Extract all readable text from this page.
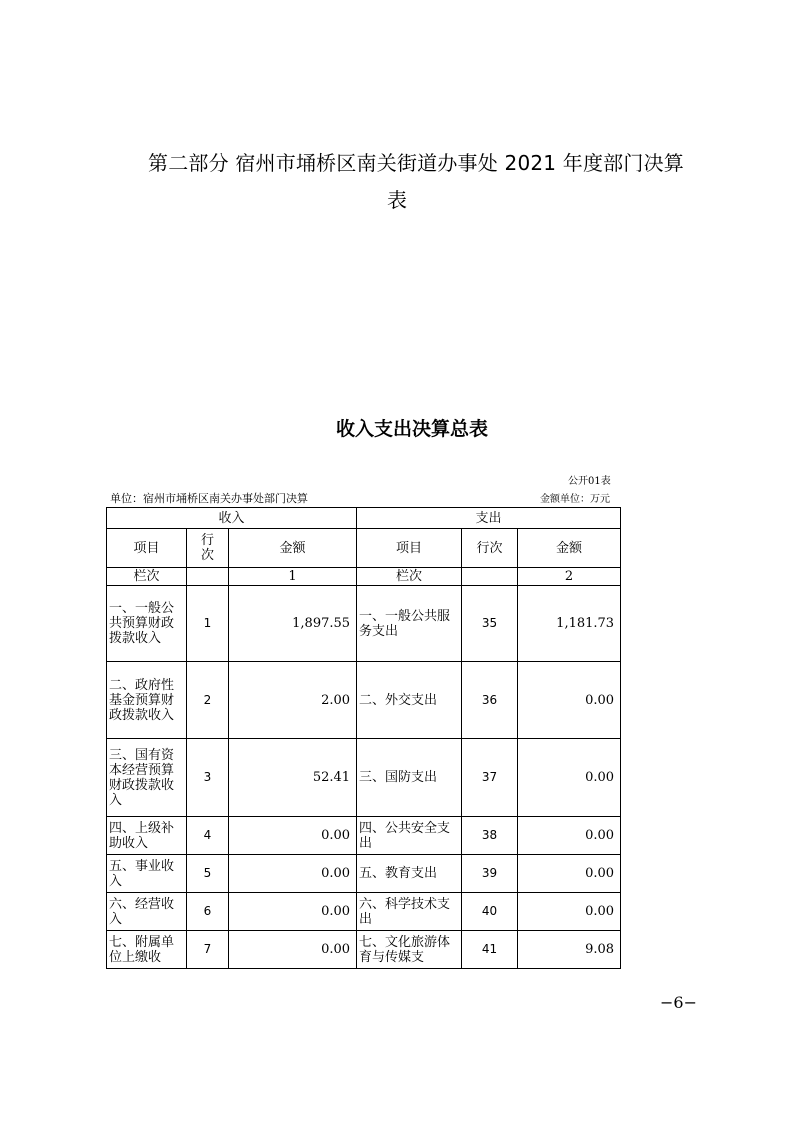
第二部分 宿州市埇桥区南关街道办事处 2021 年度部门决算
表
收入支出决算总表
公开01表
单位：宿州市埇桥区南关办事处部门决算	金额单位：万元
收入			支出		
项目	行次	金额	项目	行次	金额
栏次		1	栏次		2
一、一般公共预算财政拨款收入	1	1,897.55	一、一般公共服务支出	35	1,181.73
二、政府性基金预算财政拨款收入	2	2.00	二、外交支出	36	0.00
三、国有资本经营预算财政拨款收入	3	52.41	三、国防支出	37	0.00
四、上级补助收入	4	0.00	四、公共安全支出	38	0.00
五、事业收入	5	0.00	五、教育支出	39	0.00
六、经营收入	6	0.00	六、科学技术支出	40	0.00
七、附属单位上缴收	7	0.00	七、文化旅游体育与传媒支	41	9.08
−6−
